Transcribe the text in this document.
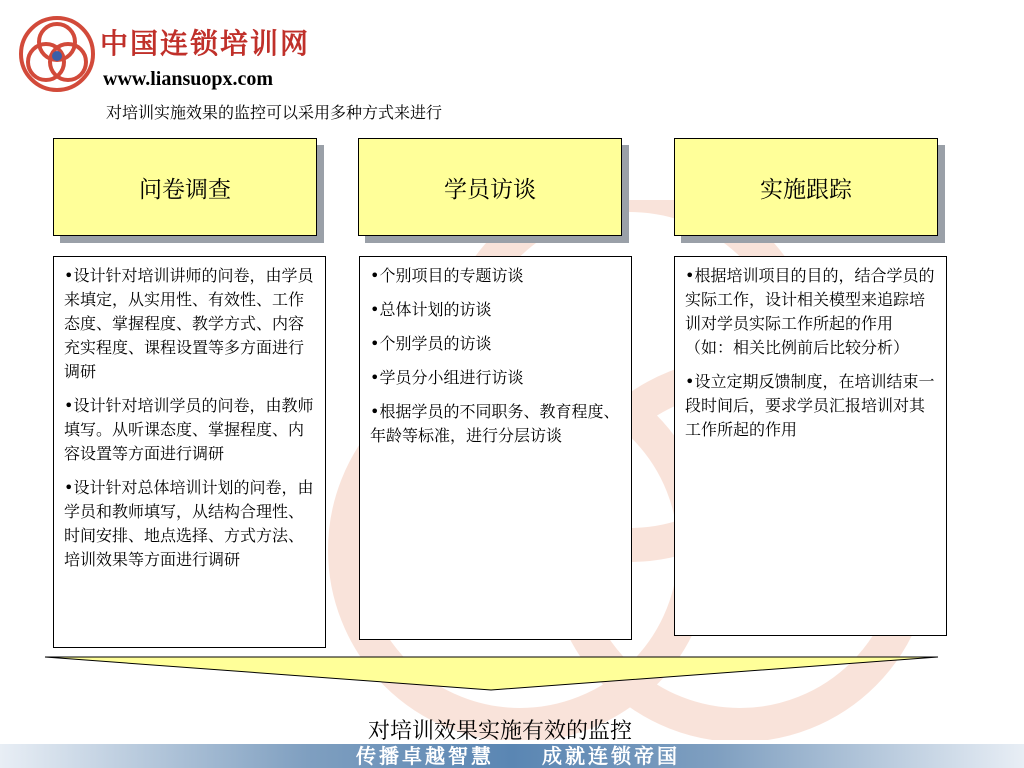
中国连锁培训网
www.liansuopx.com
对培训实施效果的监控可以采用多种方式来进行
问卷调查	学员访谈	实施跟踪

•设计针对培训讲师的问卷，由学员来填定，从实用性、有效性、工作态度、掌握程度、教学方式、内容充实程度、课程设置等多方面进行调研

•设计针对培训学员的问卷，由教师填写。从听课态度、掌握程度、内容设置等方面进行调研

•设计针对总体培训计划的问卷，由学员和教师填写，从结构合理性、时间安排、地点选择、方式方法、培训效果等方面进行调研

•个别项目的专题访谈

•总体计划的访谈

•个别学员的访谈

•学员分小组进行访谈

•根据学员的不同职务、教育程度、年龄等标准，进行分层访谈

•根据培训项目的目的，结合学员的实际工作，设计相关模型来追踪培训对学员实际工作所起的作用（如：相关比例前后比较分析）

•设立定期反馈制度，在培训结束一段时间后，要求学员汇报培训对其工作所起的作用

对培训效果实施有效的监控
传播卓越智慧 成就连锁帝国
